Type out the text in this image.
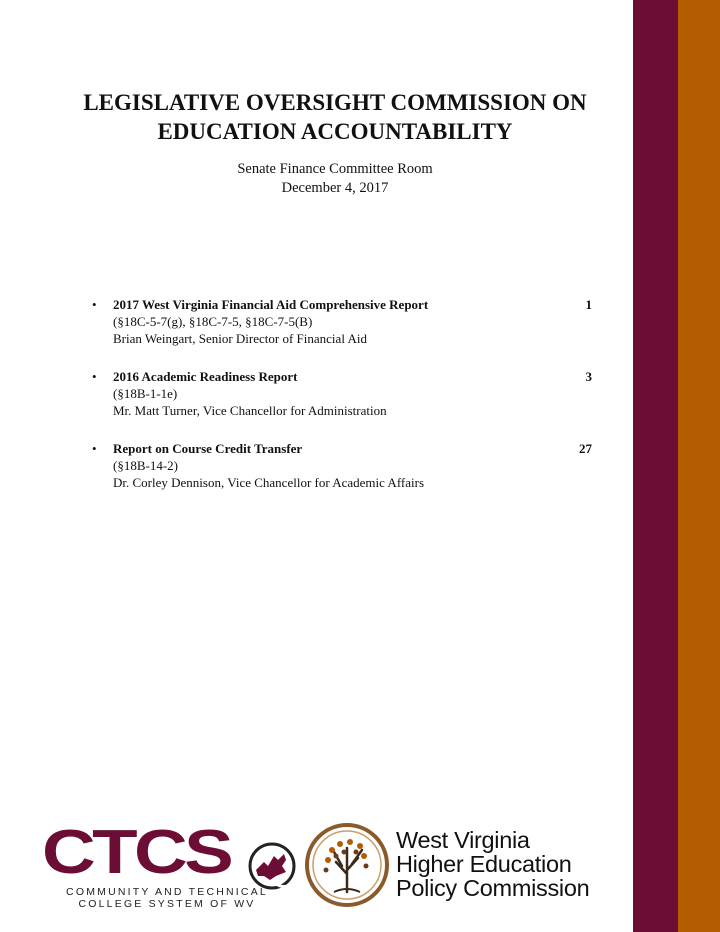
LEGISLATIVE OVERSIGHT COMMISSION ON
EDUCATION ACCOUNTABILITY
Senate Finance Committee Room
December 4, 2017
• 2017 West Virginia Financial Aid Comprehensive Report	1
(§18C-5-7(g), §18C-7-5, §18C-7-5(B)
Brian Weingart, Senior Director of Financial Aid
• 2016 Academic Readiness Report	3
(§18B-1-1e)
Mr. Matt Turner, Vice Chancellor for Administration
• Report on Course Credit Transfer	27
(§18B-14-2)
Dr. Corley Dennison, Vice Chancellor for Academic Affairs
CTCS
COMMUNITY AND TECHNICAL
COLLEGE SYSTEM OF WV
West Virginia
Higher Education
Policy Commission
